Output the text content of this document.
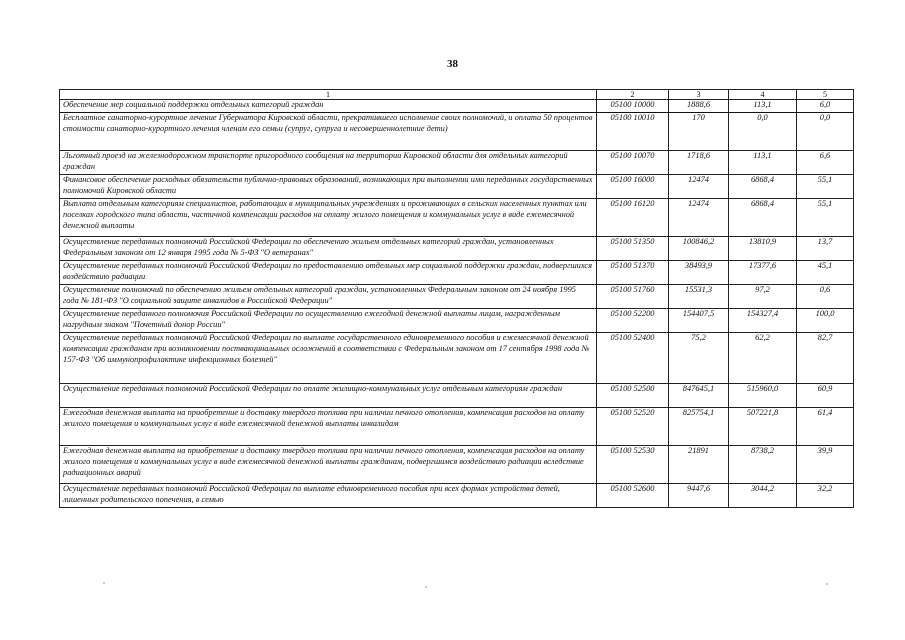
38
1	2	3	4	5
Обеспечение мер социальной поддержки отдельных категорий граждан	05100 10000	1888,6	113,1	6,0
Бесплатное санаторно-курортное лечение Губернатора Кировской области, прекратившего исполнение своих полномочий, и оплата 50 процентов стоимости санаторно-курортного лечения членам его семьи (супруг, супруга и несовершеннолетние дети)	05100 10010	170	0,0	0,0
Льготный проезд на железнодорожном транспорте пригородного сообщения на территории Кировской области для отдельных категорий граждан	05100 10070	1718,6	113,1	6,6
Финансовое обеспечение расходных обязательств публично-правовых образований, возникающих при выполнении ими переданных государственных полномочий Кировской области	05100 16000	12474	6868,4	55,1
Выплата отдельным категориям специалистов, работающих в муниципальных учреждениях и проживающих в сельских населенных пунктах или поселках городского типа области, частичной компенсации расходов на оплату жилого помещения и коммунальных услуг в виде ежемесячной денежной выплаты	05100 16120	12474	6868,4	55,1
Осуществление переданных полномочий Российской Федерации по обеспечению жильем отдельных категорий граждан, установленных Федеральным законом от 12 января 1995 года № 5-ФЗ "О ветеранах"	05100 51350	100846,2	13810,9	13,7
Осуществление переданных полномочий Российской Федерации по предоставлению отдельных мер социальной поддержки граждан, подвергшихся воздействию радиации	05100 51370	38493,9	17377,6	45,1
Осуществление полномочий по обеспечению жильем отдельных категорий граждан, установленных Федеральным законом от 24 ноября 1995 года № 181-ФЗ "О социальной защите инвалидов в Российской Федерации"	05100 51760	15531,3	97,2	0,6
Осуществление переданного полномочия Российской Федерации по осуществлению ежегодной денежной выплаты лицам, награжденным нагрудным знаком "Почетный донор России"	05100 52200	154407,5	154327,4	100,0
Осуществление переданных полномочий Российской Федерации по выплате государственного единовременного пособия и ежемесячной денежной компенсации гражданам при возникновении поствакцинальных осложнений в соответствии с Федеральным законом от 17 сентября 1998 года № 157-ФЗ "Об иммунопрофилактике инфекционных болезней"	05100 52400	75,2	62,2	82,7
Осуществление переданных полномочий Российской Федерации по оплате жилищно-коммунальных услуг отдельным категориям граждан	05100 52500	847645,1	515960,0	60,9
Ежегодная денежная выплата на приобретение и доставку твердого топлива при наличии печного отопления, компенсация расходов на оплату жилого помещения и коммунальных услуг в виде ежемесячной денежной выплаты инвалидам	05100 52520	825754,1	507221,8	61,4
Ежегодная денежная выплата на приобретение и доставку твердого топлива при наличии печного отопления, компенсация расходов на оплату жилого помещения и коммунальных услуг в виде ежемесячной денежной выплаты гражданам, подвергшимся воздействию радиации вследствие радиационных аварий	05100 52530	21891	8738,2	39,9
Осуществление переданных полномочий Российской Федерации по выплате единовременного пособия при всех формах устройства детей, лишенных родительского попечения, в семью	05100 52600	9447,6	3044,2	32,2
